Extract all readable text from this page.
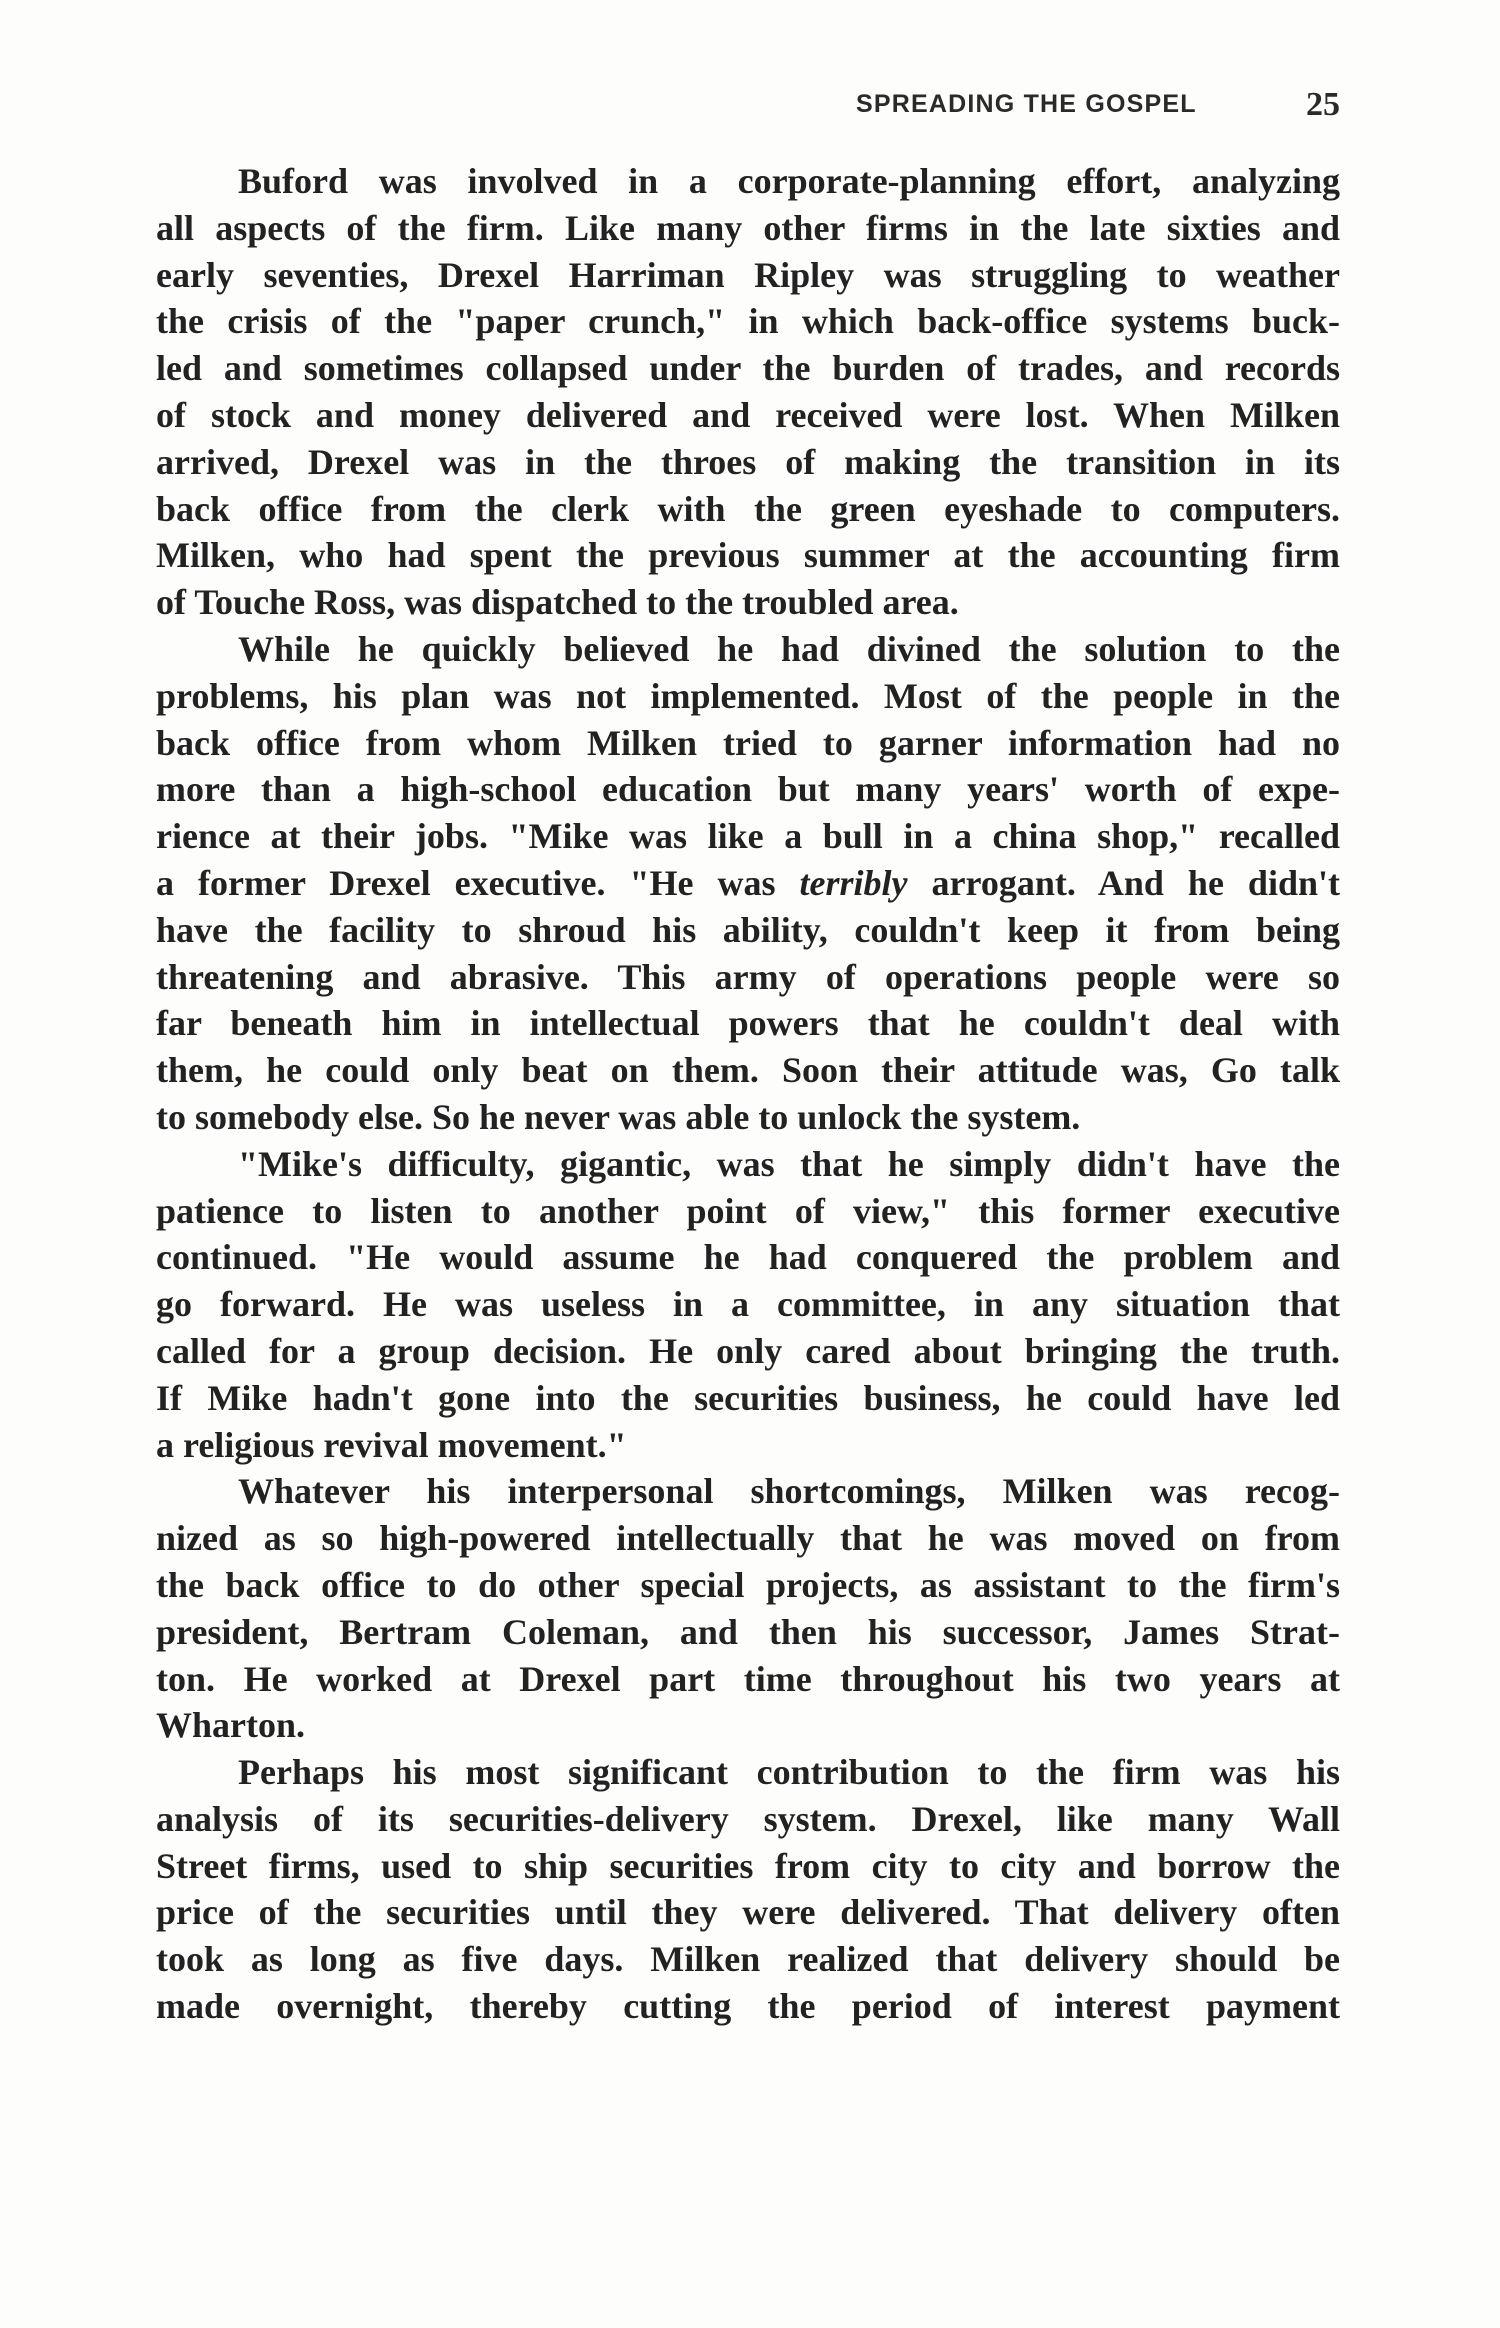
SPREADING THE GOSPEL	25
Buford was involved in a corporate-planning effort, analyzing
all aspects of the firm. Like many other firms in the late sixties and
early seventies, Drexel Harriman Ripley was struggling to weather
the crisis of the "paper crunch," in which back-office systems buck-
led and sometimes collapsed under the burden of trades, and records
of stock and money delivered and received were lost. When Milken
arrived, Drexel was in the throes of making the transition in its
back office from the clerk with the green eyeshade to computers.
Milken, who had spent the previous summer at the accounting firm
of Touche Ross, was dispatched to the troubled area.
While he quickly believed he had divined the solution to the
problems, his plan was not implemented. Most of the people in the
back office from whom Milken tried to garner information had no
more than a high-school education but many years' worth of expe-
rience at their jobs. "Mike was like a bull in a china shop," recalled
a former Drexel executive. "He was terribly arrogant. And he didn't
have the facility to shroud his ability, couldn't keep it from being
threatening and abrasive. This army of operations people were so
far beneath him in intellectual powers that he couldn't deal with
them, he could only beat on them. Soon their attitude was, Go talk
to somebody else. So he never was able to unlock the system.
"Mike's difficulty, gigantic, was that he simply didn't have the
patience to listen to another point of view," this former executive
continued. "He would assume he had conquered the problem and
go forward. He was useless in a committee, in any situation that
called for a group decision. He only cared about bringing the truth.
If Mike hadn't gone into the securities business, he could have led
a religious revival movement."
Whatever his interpersonal shortcomings, Milken was recog-
nized as so high-powered intellectually that he was moved on from
the back office to do other special projects, as assistant to the firm's
president, Bertram Coleman, and then his successor, James Strat-
ton. He worked at Drexel part time throughout his two years at
Wharton.
Perhaps his most significant contribution to the firm was his
analysis of its securities-delivery system. Drexel, like many Wall
Street firms, used to ship securities from city to city and borrow the
price of the securities until they were delivered. That delivery often
took as long as five days. Milken realized that delivery should be
made overnight, thereby cutting the period of interest payment
